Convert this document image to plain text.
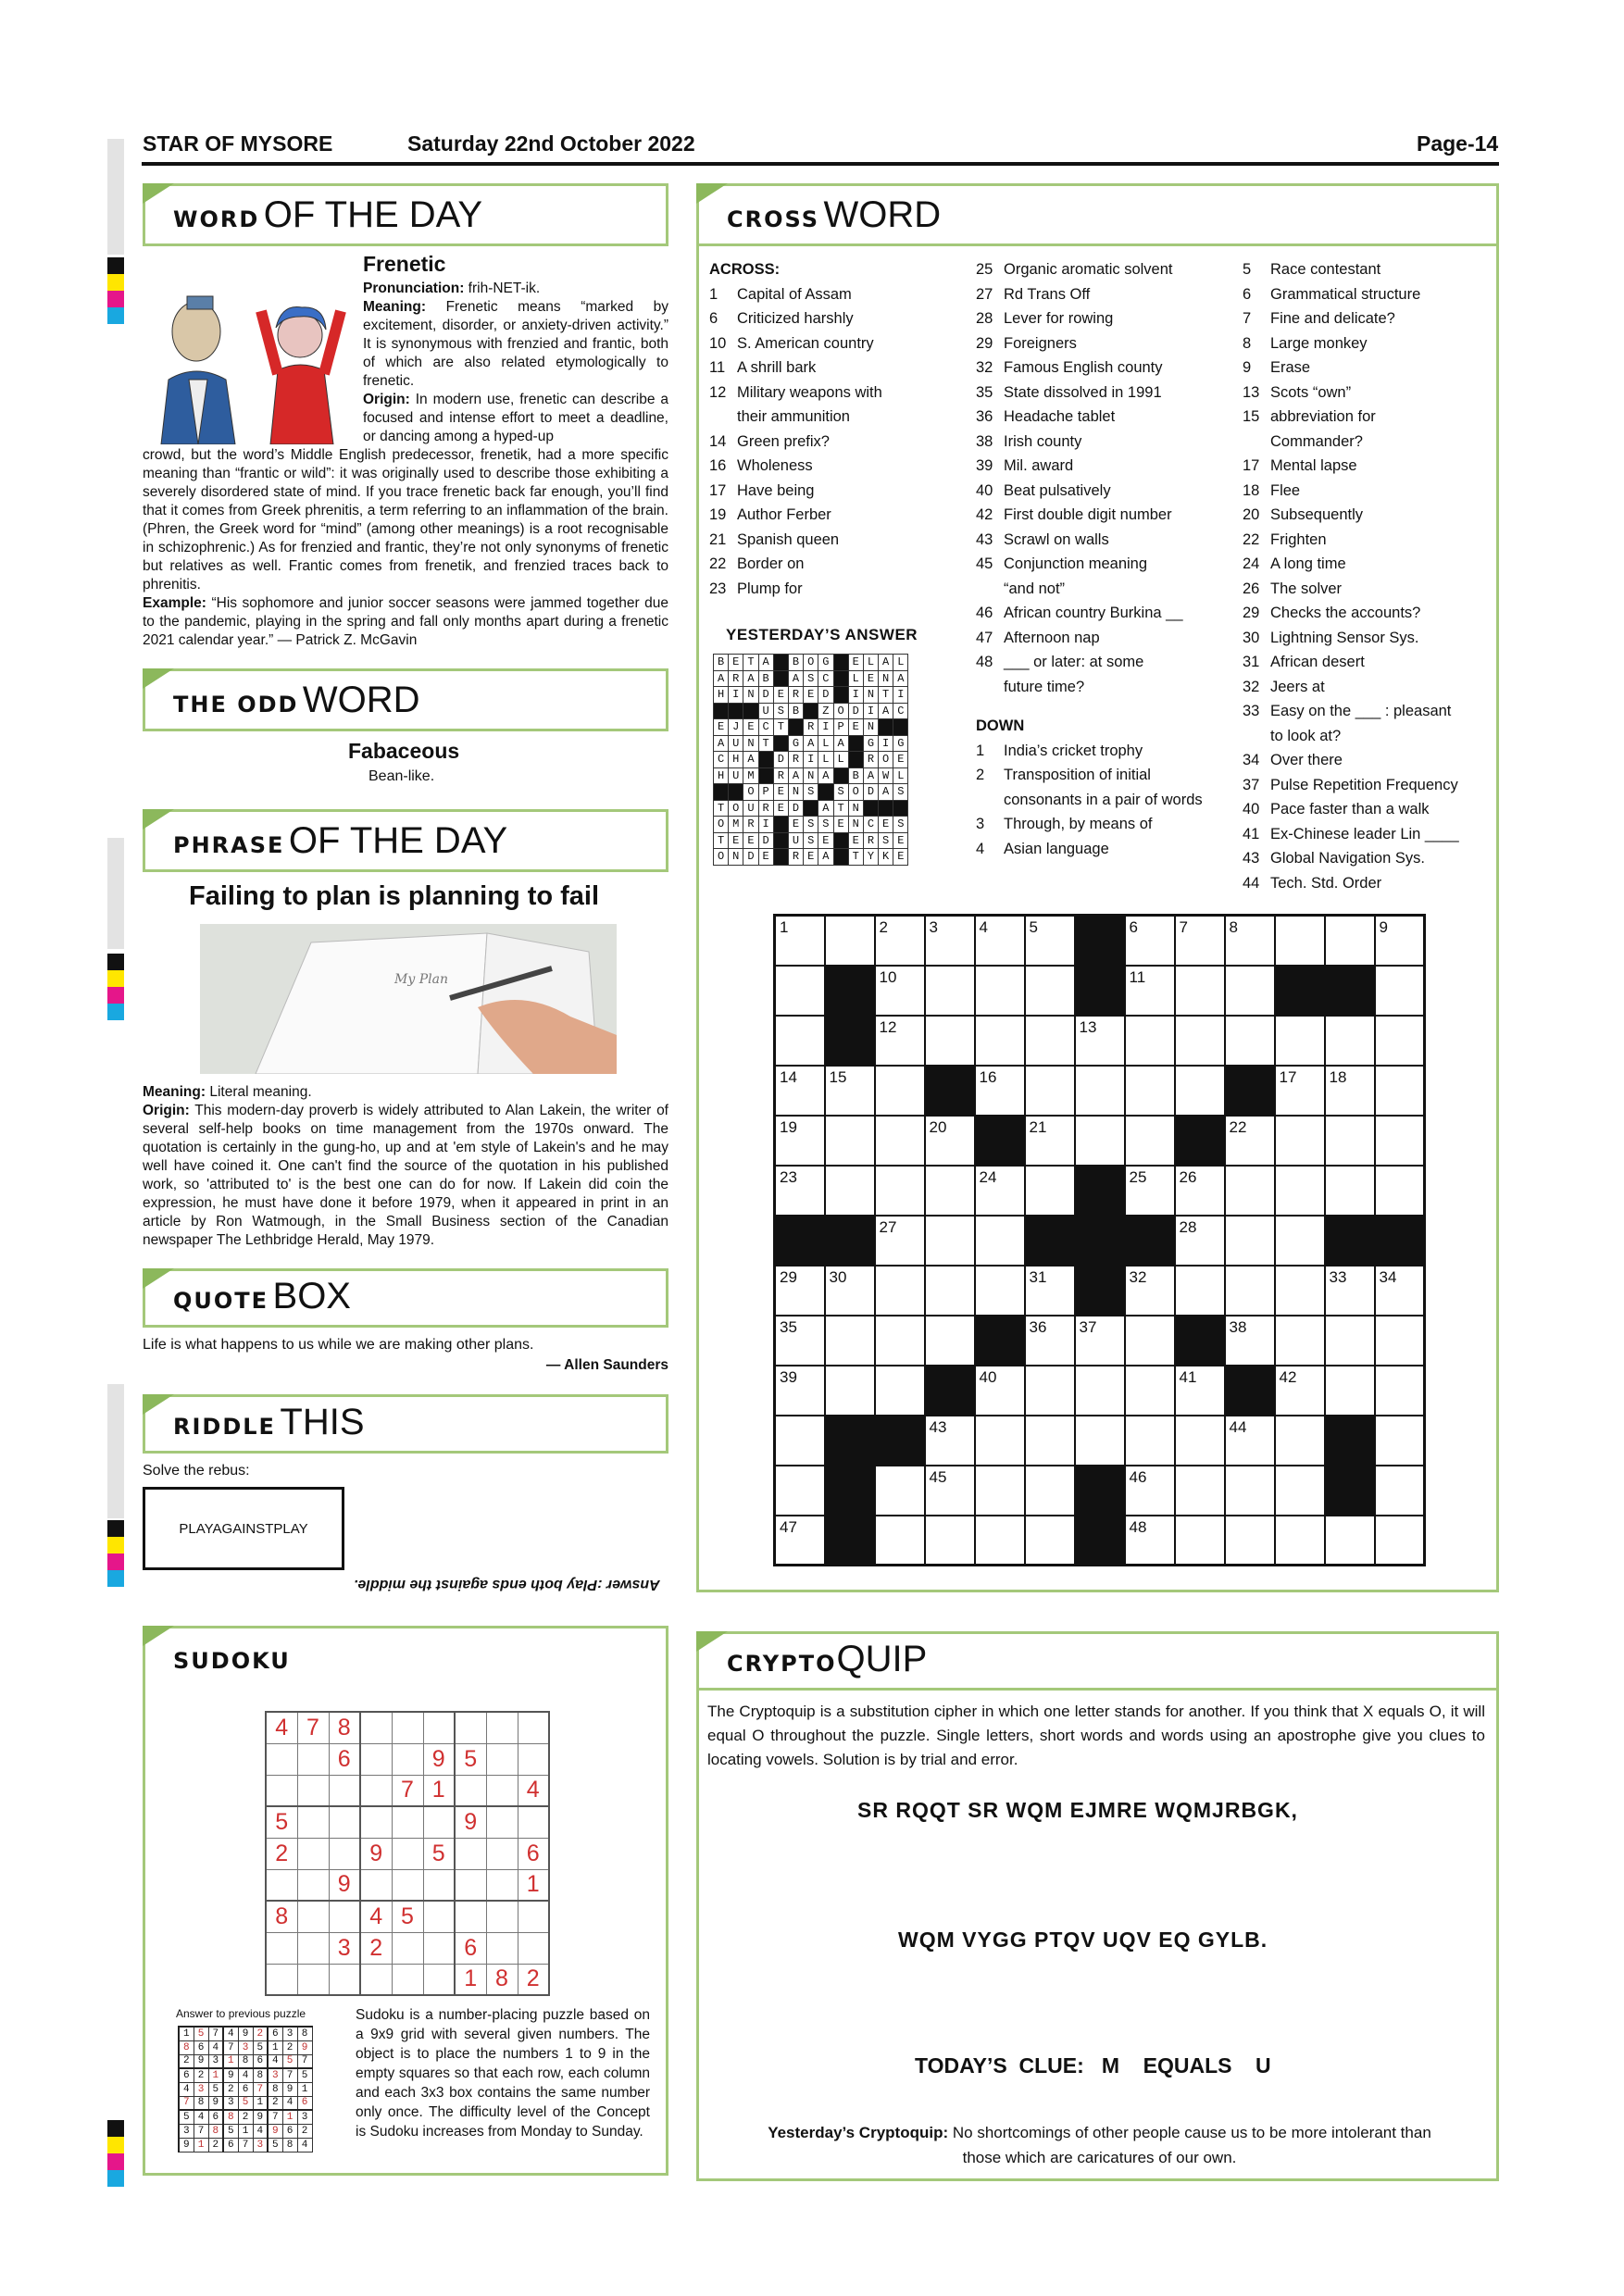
STAR OF MYSORE	Saturday 22nd October 2022	Page-14
WORD OF THE DAY
Frenetic
Pronunciation: frih-NET-ik.
Meaning: Frenetic means “marked by excitement, disorder, or anxiety-driven activity.” It is synonymous with frenzied and frantic, both of which are also related etymologically to frenetic.
Origin: In modern use, frenetic can describe a focused and intense effort to meet a deadline, or dancing among a hyped-up
crowd, but the word’s Middle English predecessor, frenetik, had a more specific meaning than “frantic or wild”: it was originally used to describe those exhibiting a severely disordered state of mind. If you trace frenetic back far enough, you’ll find that it comes from Greek phrenitis, a term referring to an inflammation of the brain. (Phren, the Greek word for “mind” (among other meanings) is a root recognisable in schizophrenic.) As for frenzied and frantic, they’re not only synonyms of frenetic but relatives as well. Frantic comes from frenetik, and frenzied traces back to phrenitis.
Example: “His sophomore and junior soccer seasons were jammed together due to the pandemic, playing in the spring and fall only months apart during a frenetic 2021 calendar year.” — Patrick Z. McGavin
THE ODD WORD
Fabaceous
Bean-like.
PHRASE OF THE DAY
Failing to plan is planning to fail
My Plan
Meaning: Literal meaning.
Origin: This modern-day proverb is widely attributed to Alan Lakein, the writer of several self-help books on time management from the 1970s onward. The quotation is certainly in the gung-ho, up and at 'em style of Lakein's and he may well have coined it. One can't find the source of the quotation in his published work, so 'attributed to' is the best one can do for now. If Lakein did coin the expression, he must have done it before 1979, when it appeared in print in an article by Ron Watmough, in the Small Business section of the Canadian newspaper The Lethbridge Herald, May 1979.
QUOTE BOX
Life is what happens to us while we are making other plans.
— Allen Saunders
RIDDLE THIS
Solve the rebus:
PLAYAGAINSTPLAY
Answer :Play both ends against the middle.
SUDOKU
4	7	8						
		6			9	5		
				7	1			4
5						9		
2			9		5			6
		9						1
8			4	5				
		3	2			6		
						1	8	2
Answer to previous puzzle
1	5	7	4	9	2	6	3	8
8	6	4	7	3	5	1	2	9
2	9	3	1	8	6	4	5	7
6	2	1	9	4	8	3	7	5
4	3	5	2	6	7	8	9	1
7	8	9	3	5	1	2	4	6
5	4	6	8	2	9	7	1	3
3	7	8	5	1	4	9	6	2
9	1	2	6	7	3	5	8	4
Sudoku is a number-placing puzzle based on a 9x9 grid with several given numbers. The object is to place the numbers 1 to 9 in the empty squares so that each row, each column and each 3x3 box contains the same number only once. The difficulty level of the Concept is Sudoku increases from Monday to Sunday.
CROSS WORD
ACROSS:
1	Capital of Assam
6	Criticized harshly
10 S. American country
11 A shrill bark
12 Military weapons with
their ammunition
14 Green prefix?
16 Wholeness
17 Have being
19 Author Ferber
21 Spanish queen
22 Border on
23 Plump for
YESTERDAY’S ANSWER
B	E	T	A		B	O	G		E	L	A	L
A	R	A	B		A	S	C		L	E	N	A
H	I	N	D	E	R	E	D		I	N	T	I
			U	S	B		Z	O	D	I	A	C
E	J	E	C	T		R	I	P	E	N		
A	U	N	T		G	A	L	A		G	I	G
C	H	A		D	R	I	L	L		R	O	E
H	U	M		R	A	N	A		B	A	W	L
		O	P	E	N	S		S	O	D	A	S
T	O	U	R	E	D		A	T	N			
O	M	R	I		E	S	S	E	N	C	E	S
T	E	E	D		U	S	E		E	R	S	E
O	N	D	E		R	E	A		T	Y	K	E
25 Organic aromatic solvent
27 Rd Trans Off
28 Lever for rowing
29 Foreigners
32 Famous English county
35 State dissolved in 1991
36 Headache tablet
38 Irish county
39 Mil. award
40 Beat pulsatively
42 First double digit number
43 Scrawl on walls
45 Conjunction meaning
“and not”
46 African country Burkina __
47 Afternoon nap
48 ___ or later: at some
future time?
DOWN
1	India’s cricket trophy
2	Transposition of initial
consonants in a pair of words
3	Through, by means of
4	Asian language
5	Race contestant
6	Grammatical structure
7	Fine and delicate?
8	Large monkey
9	Erase
13 Scots “own”
15 abbreviation for
Commander?
17 Mental lapse
18 Flee
20 Subsequently
22 Frighten
24 A long time
26 The solver
29 Checks the accounts?
30 Lightning Sensor Sys.
31 African desert
32 Jeers at
33 Easy on the ___ : pleasant
to look at?
34 Over there
37 Pulse Repetition Frequency
40 Pace faster than a walk
41 Ex-Chinese leader Lin ____
43 Global Navigation Sys.
44 Tech. Std. Order
1		2	3	4	5		6	7	8			9
		10					11					
		12				13						
14	15			16						17	18	
19			20		21				22			
23				24			25	26				
		27						28				
29	30				31		32				33	34
35					36	37			38			
39				40				41		42		
			43						44			
			45				46					
47							48					
CRYPTOQUIP
The Cryptoquip is a substitution cipher in which one letter stands for another. If you think that X equals O, it will equal O throughout the puzzle. Single letters, short words and words using an apostrophe give you clues to locating vowels. Solution is by trial and error.
SR RQQT SR WQM EJMRE WQMJRBGK,
WQM VYGG PTQV UQV EQ GYLB.
TODAY’S  CLUE:   M    EQUALS    U
Yesterday’s Cryptoquip: No shortcomings of other people cause us to be more intolerant than those which are caricatures of our own.
